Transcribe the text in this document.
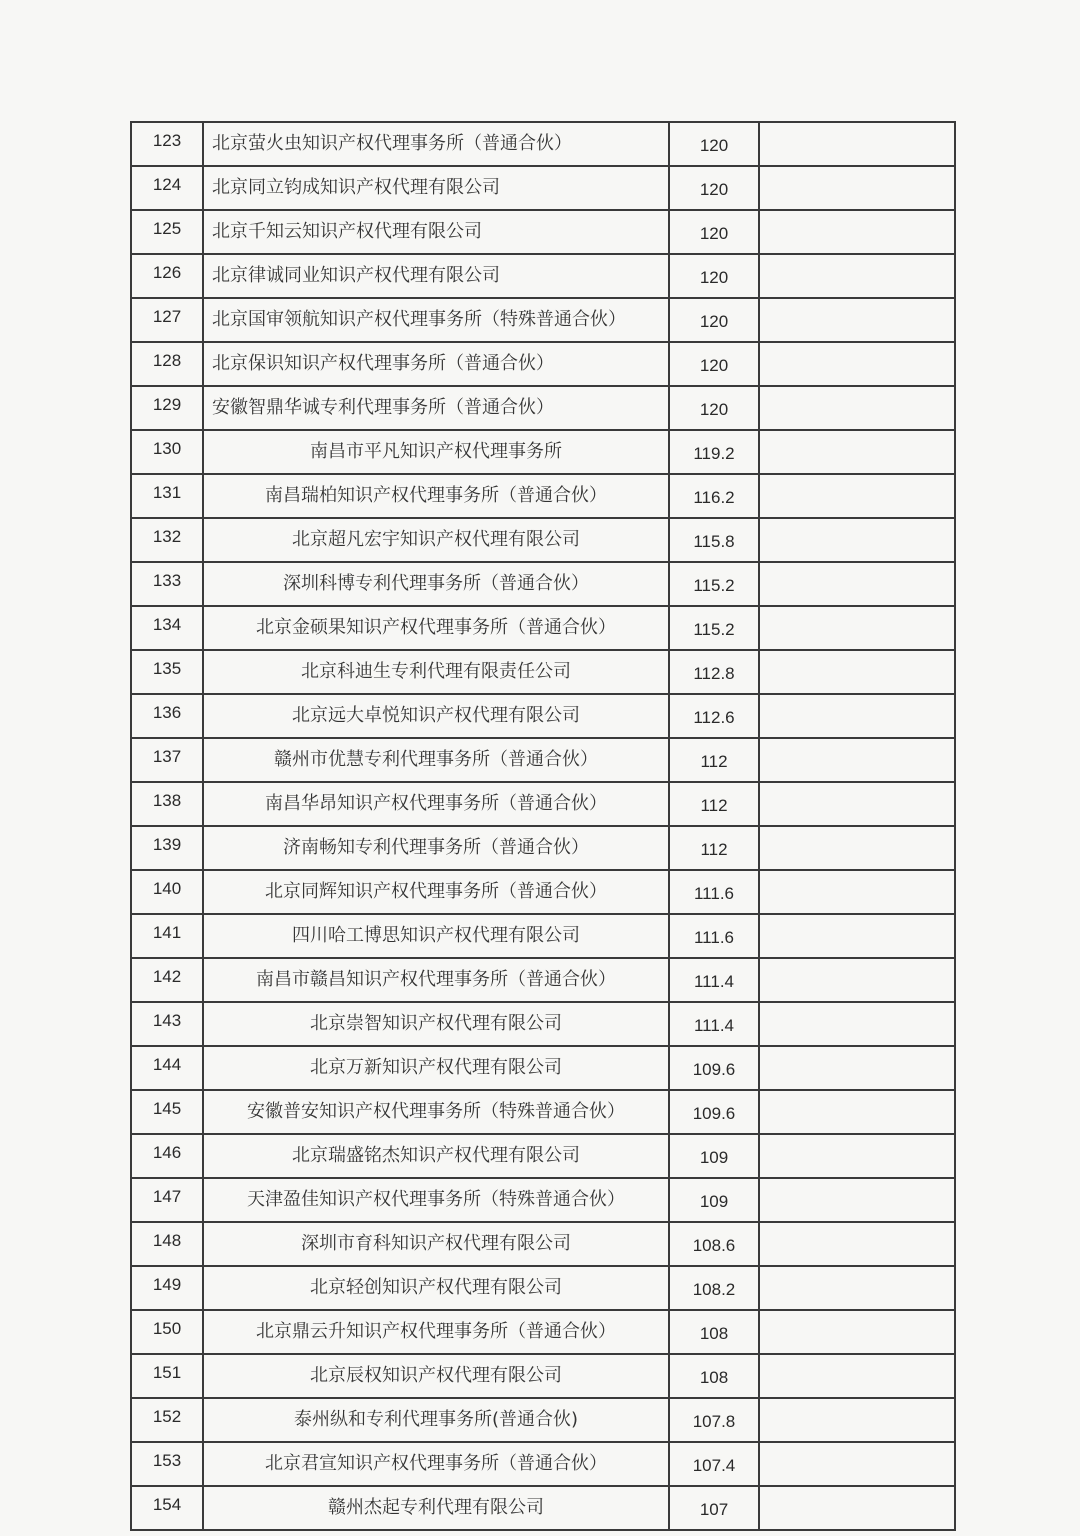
123	北京萤火虫知识产权代理事务所（普通合伙）	120	
124	北京同立钧成知识产权代理有限公司	120	
125	北京千知云知识产权代理有限公司	120	
126	北京律诚同业知识产权代理有限公司	120	
127	北京国审领航知识产权代理事务所（特殊普通合伙）	120	
128	北京保识知识产权代理事务所（普通合伙）	120	
129	安徽智鼎华诚专利代理事务所（普通合伙）	120	
130	南昌市平凡知识产权代理事务所	119.2	
131	南昌瑞柏知识产权代理事务所（普通合伙）	116.2	
132	北京超凡宏宇知识产权代理有限公司	115.8	
133	深圳科博专利代理事务所（普通合伙）	115.2	
134	北京金硕果知识产权代理事务所（普通合伙）	115.2	
135	北京科迪生专利代理有限责任公司	112.8	
136	北京远大卓悦知识产权代理有限公司	112.6	
137	赣州市优慧专利代理事务所（普通合伙）	112	
138	南昌华昂知识产权代理事务所（普通合伙）	112	
139	济南畅知专利代理事务所（普通合伙）	112	
140	北京同辉知识产权代理事务所（普通合伙）	111.6	
141	四川哈工博思知识产权代理有限公司	111.6	
142	南昌市赣昌知识产权代理事务所（普通合伙）	111.4	
143	北京崇智知识产权代理有限公司	111.4	
144	北京万新知识产权代理有限公司	109.6	
145	安徽普安知识产权代理事务所（特殊普通合伙）	109.6	
146	北京瑞盛铭杰知识产权代理有限公司	109	
147	天津盈佳知识产权代理事务所（特殊普通合伙）	109	
148	深圳市育科知识产权代理有限公司	108.6	
149	北京轻创知识产权代理有限公司	108.2	
150	北京鼎云升知识产权代理事务所（普通合伙）	108	
151	北京辰权知识产权代理有限公司	108	
152	泰州纵和专利代理事务所(普通合伙)	107.8	
153	北京君宣知识产权代理事务所（普通合伙）	107.4	
154	赣州杰起专利代理有限公司	107	
